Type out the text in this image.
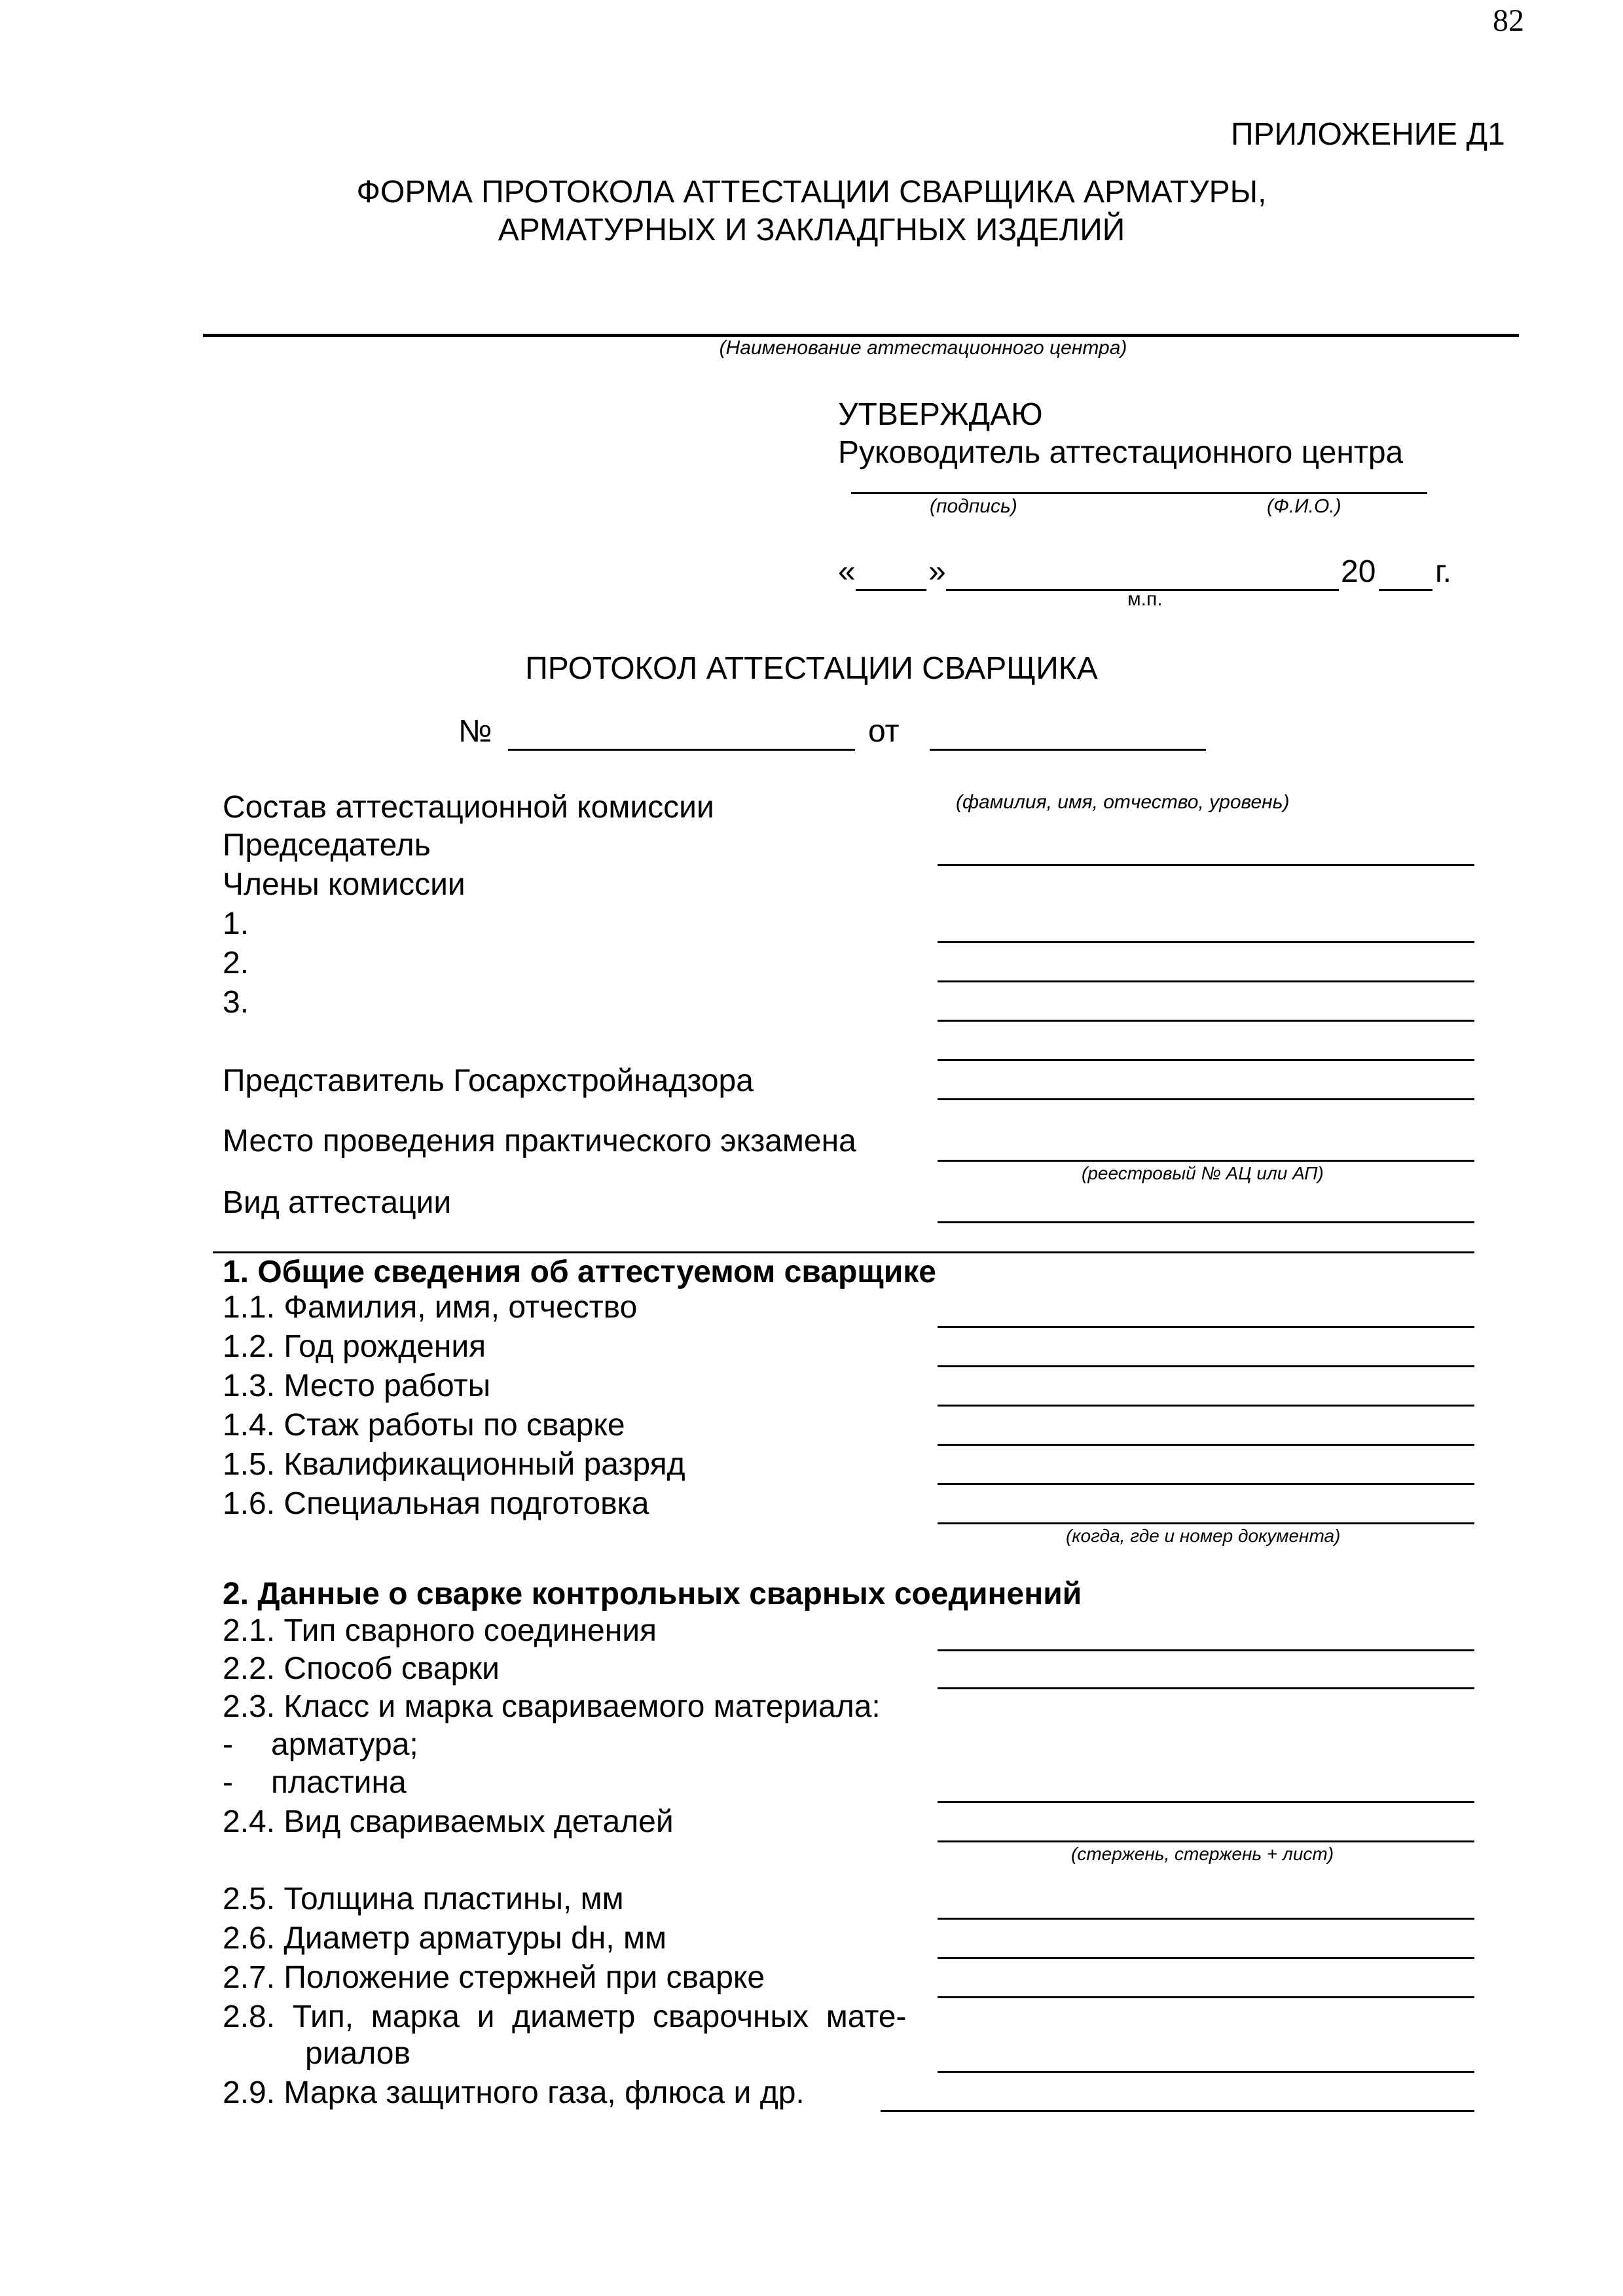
82
ПРИЛОЖЕНИЕ Д1
ФОРМА ПРОТОКОЛА АТТЕСТАЦИИ СВАРЩИКА АРМАТУРЫ,
АРМАТУРНЫХ И ЗАКЛАДГНЫХ ИЗДЕЛИЙ
(Наименование аттестационного центра)
УТВЕРЖДАЮ
Руководитель аттестационного центра
(подпись)	(Ф.И.О.)
« »	20 г.
м.п.
ПРОТОКОЛ АТТЕСТАЦИИ СВАРЩИКА
№	от
Состав аттестационной комиссии	(фамилия, имя, отчество, уровень)
Председатель
Члены комиссии
1.
2.
3.
Представитель Госархстройнадзора
Место проведения практического экзамена
(реестровый № АЦ или АП)
Вид аттестации
1. Общие сведения об аттестуемом сварщике
1.1. Фамилия, имя, отчество
1.2. Год рождения
1.3. Место работы
1.4. Стаж работы по сварке
1.5. Квалификационный разряд
1.6. Специальная подготовка
(когда, где и номер документа)
2. Данные о сварке контрольных сварных соединений
2.1. Тип сварного соединения
2.2. Способ сварки
2.3. Класс и марка свариваемого материала:
- арматура;
- пластина
2.4. Вид свариваемых деталей
(стержень, стержень + лист)
2.5. Толщина пластины, мм
2.6. Диаметр арматуры dн, мм
2.7. Положение стержней при сварке
2.8.  Тип,  марка  и  диаметр  сварочных  мате-
риалов
2.9. Марка защитного газа, флюса и др.
